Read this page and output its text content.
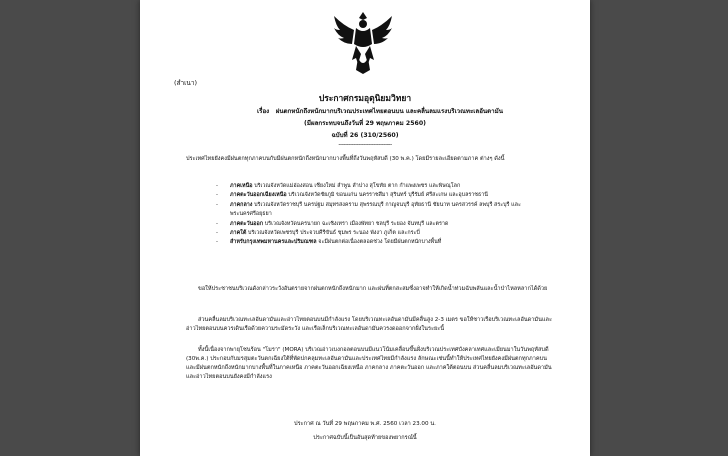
(สำเนา)
ประกาศกรมอุตุนิยมวิทยา
เรื่อง ฝนตกหนักถึงหนักมากบริเวณประเทศไทยตอนบน และคลื่นลมแรงบริเวณทะเลอันดามัน
(มีผลกระทบจนถึงวันที่ 29 พฤษภาคม 2560)
ฉบับที่ 26 (310/2560)
--------------------------------
ประเทศไทยยังคงมีฝนตกทุกภาคบนกับมีฝนตกหนักถึงหนักมากบางพื้นที่ถึงวันพฤหัสบดี (30 พ.ค.) โดยมีรายละเอียดตามภาค ต่างๆ ดังนี้
- ภาคเหนือ บริเวณจังหวัดแม่ฮ่องสอน เชียงใหม่ ลำพูน ลำปาง สุโขทัย ตาก กำแพงเพชร และพิษณุโลก
- ภาคตะวันออกเฉียงเหนือ บริเวณจังหวัดชัยภูมิ ขอนแก่น นครราชสีมา สุรินทร์ บุรีรัมย์ ศรีสะเกษ และอุบลราชธานี
- ภาคกลาง บริเวณจังหวัดราชบุรี นครปฐม สมุทรสงคราม สุพรรณบุรี กาญจนบุรี อุทัยธานี ชัยนาท นครสวรรค์ ลพบุรี สระบุรี และพระนครศรีอยุธยา
- ภาคตะวันออก บริเวณจังหวัดนครนายก ฉะเชิงเทรา เมืองพัทยา ชลบุรี ระยอง จันทบุรี และตราด
- ภาคใต้ บริเวณจังหวัดเพชรบุรี ประจวบคีรีขันธ์ ชุมพร ระนอง พังงา ภูเก็ต และกระบี่
- สำหรับกรุงเทพมหานครและปริมณฑล จะมีฝนตกต่อเนื่องตลอดช่วง โดยมีฝนตกหนักบางพื้นที่
ขอให้ประชาชนบริเวณดังกล่าวระวังอันตรายจากฝนตกหนักถึงหนักมาก และฝนที่ตกสะสมซึ่งอาจทำให้เกิดน้ำท่วมฉับพลันและน้ำป่าไหลหลากได้ด้วย
ส่วนคลื่นลมบริเวณทะเลอันดามันและอ่าวไทยตอนบนมีกำลังแรง โดยบริเวณทะเลอันดามันมีคลื่นสูง 2-3 เมตร ขอให้ชาวเรือบริเวณทะเลอันดามันและอ่าวไทยตอนบนควรเดินเรือด้วยความระมัดระวัง และเรือเล็กบริเวณทะเลอันดามันควรงดออกจากฝั่งในระยะนี้
ทั้งนี้เนื่องจากพายุโซนร้อน "โมรา" (MORA) บริเวณอ่าวเบงกอลตอนบนมีแนวโน้มเคลื่อนขึ้นฝั่งบริเวณประเทศบังคลาเทศและเมียนมาในวันพฤหัสบดี (30พ.ค.) ประกอบกับมรสุมตะวันตกเฉียงใต้ที่พัดปกคลุมทะเลอันดามันและประเทศไทยมีกำลังแรง ลักษณะเช่นนี้ทำให้ประเทศไทยยังคงมีฝนตกทุกภาคบน และมีฝนตกหนักถึงหนักมากบางพื้นที่ในภาคเหนือ ภาคตะวันออกเฉียงเหนือ ภาคกลาง ภาคตะวันออก และภาคใต้ตอนบน ส่วนคลื่นลมบริเวณทะเลอันดามันและอ่าวไทยตอนบนยังคงมีกำลังแรง
ประกาศ ณ วันที่ 29 พฤษภาคม พ.ศ. 2560 เวลา 23.00 น.
ประกาศฉบับนี้เป็นอันสุดท้ายของพยากรณ์นี้
